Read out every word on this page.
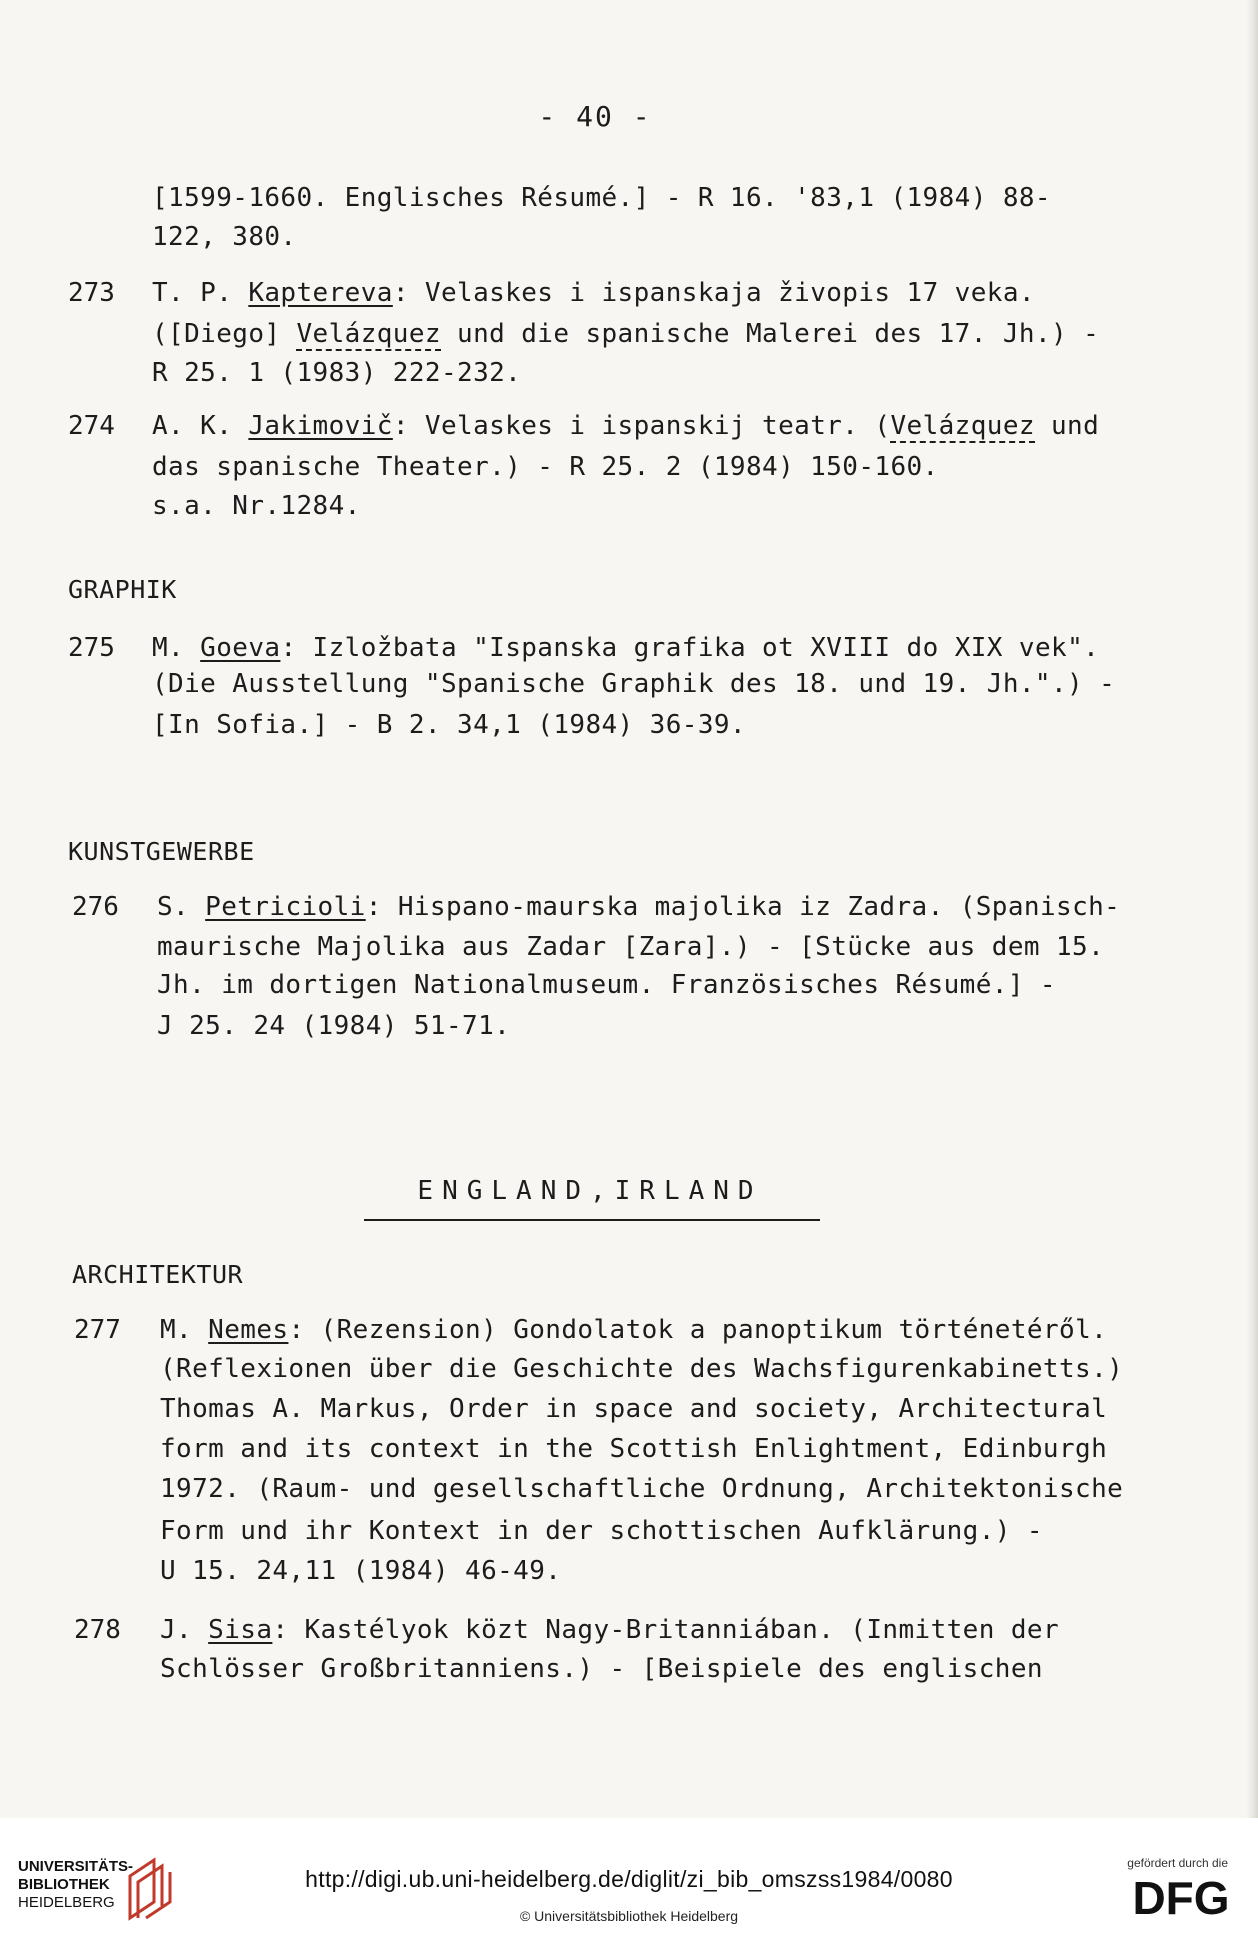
- 40 -
[1599-1660. Englisches Résumé.] - R 16. '83,1 (1984) 88-
122, 380.
273 T. P. Kaptereva: Velaskes i ispanskaja živopis 17 veka.
([Diego] Velázquez und die spanische Malerei des 17. Jh.) -
R 25. 1 (1983) 222-232.
274 A. K. Jakimovič: Velaskes i ispanskij teatr. (Velázquez und
das spanische Theater.) - R 25. 2 (1984) 150-160.
s.a. Nr.1284.
GRAPHIK
275 M. Goeva: Izložbata "Ispanska grafika ot XVIII do XIX vek".
(Die Ausstellung "Spanische Graphik des 18. und 19. Jh.".) -
[In Sofia.] - B 2. 34,1 (1984) 36-39.
KUNSTGEWERBE
276 S. Petricioli: Hispano-maurska majolika iz Zadra. (Spanisch-
maurische Majolika aus Zadar [Zara].) - [Stücke aus dem 15.
Jh. im dortigen Nationalmuseum. Französisches Résumé.] -
J 25. 24 (1984) 51-71.
ENGLAND,IRLAND
ARCHITEKTUR
277 M. Nemes: (Rezension) Gondolatok a panoptikum történetéről.
(Reflexionen über die Geschichte des Wachsfigurenkabinetts.)
Thomas A. Markus, Order in space and society, Architectural
form and its context in the Scottish Enlightment, Edinburgh
1972. (Raum- und gesellschaftliche Ordnung, Architektonische
Form und ihr Kontext in der schottischen Aufklärung.) -
U 15. 24,11 (1984) 46-49.
278 J. Sisa: Kastélyok közt Nagy-Britanniában. (Inmitten der
Schlösser Großbritanniens.) - [Beispiele des englischen
UNIVERSITÄTS-
BIBLIOTHEK
HEIDELBERG
http://digi.ub.uni-heidelberg.de/diglit/zi_bib_omszss1984/0080
© Universitätsbibliothek Heidelberg
gefördert durch die
DFG
